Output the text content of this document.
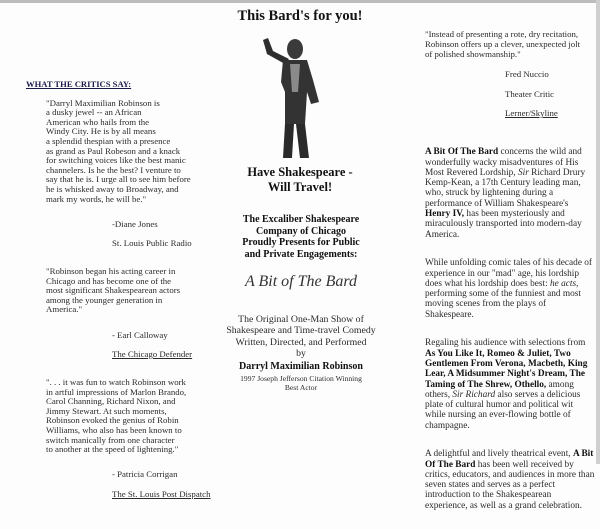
WHAT THE CRITICS SAY:
"Darryl Maximilian Robinson is
a dusky jewel -- an African
American who hails from the
Windy City. He is by all means
a splendid thespian with a presence
as grand as Paul Robeson and a knack
for switching voices like the best manic
channelers. Is he the best? I venture to
say that he is. I urge all to see him before
he is whisked away to Broadway, and
mark my words, he will be."

-Diane Jones

St. Louis Public Radio

"Robinson began his acting career in
Chicago and has become one of the
most significant Shakespearean actors
among the younger generation in
America."

- Earl Calloway

The Chicago Defender

". . . it was fun to watch Robinson work
in artful impressions of Marlon Brando,
Carol Channing, Richard Nixon, and
Jimmy Stewart. At such moments,
Robinson evoked the genius of Robin
Williams, who also has been known to
switch manically from one character
to another at the speed of lightening."

- Patricia Corrigan

The St. Louis Post Dispatch

This Bard's for you!
Have Shakespeare -
Will Travel!
The Excaliber Shakespeare
Company of Chicago
Proudly Presents for Public
and Private Engagements:
A Bit of The Bard
The Original One-Man Show of
Shakespeare and Time-travel Comedy
Written, Directed, and Performed
by
Darryl Maximilian Robinson
1997 Joseph Jefferson Citation Winning
Best Actor
"Instead of presenting a rote, dry recitation,
Robinson offers up a clever, unexpected jolt
of polished showmanship."

Fred Nuccio

Theater Critic

Lerner/Skyline

A Bit Of The Bard concerns the wild and wonderfully wacky misadventures of His Most Revered Lordship, Sir Richard Drury Kemp-Kean, a 17th Century leading man, who, struck by lightening during a performance of William Shakespeare's Henry IV, has been mysteriously and miraculously transported into modern-day America.

While unfolding comic tales of his decade of experience in our "mad" age, his lordship does what his lordship does best: he acts, performing some of the funniest and most moving scenes from the plays of Shakespeare.

Regaling his audience with selections from As You Like It, Romeo & Juliet, Two Gentlemen From Verona, Macbeth, King Lear, A Midsummer Night's Dream, The Taming of The Shrew, Othello, among others, Sir Richard also serves a delicious plate of cultural humor and political wit while nursing an ever-flowing bottle of champagne.

A delightful and lively theatrical event, A Bit Of The Bard has been well received by critics, educators, and audiences in more than seven states and serves as a perfect introduction to the Shakespearean experience, as well as a grand celebration.
